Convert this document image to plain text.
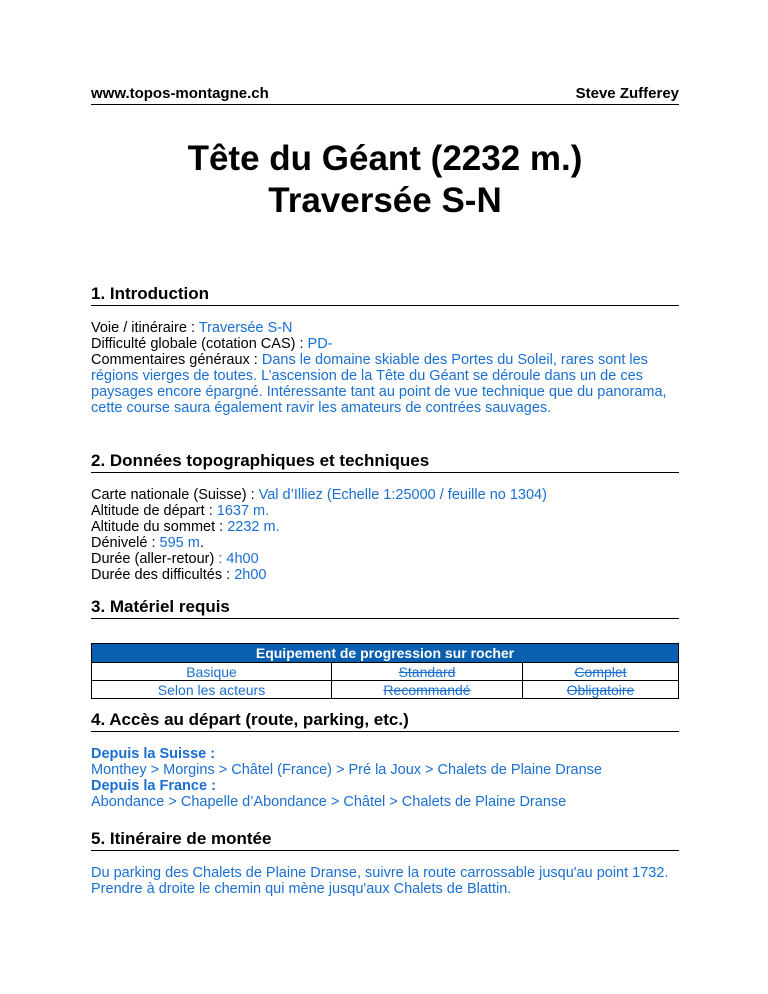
www.topos-montagne.ch	Steve Zufferey
Tête du Géant (2232 m.)
Traversée S-N
1. Introduction
Voie / itinéraire : Traversée S-N
Difficulté globale (cotation CAS) : PD-
Commentaires généraux : Dans le domaine skiable des Portes du Soleil, rares sont les régions vierges de toutes. L’ascension de la Tête du Géant se déroule dans un de ces paysages encore épargné. Intéressante tant au point de vue technique que du panorama, cette course saura également ravir les amateurs de contrées sauvages.
2. Données topographiques et techniques
Carte nationale (Suisse) : Val d’Illiez (Echelle 1:25000 / feuille no 1304)
Altitude de départ : 1637 m.
Altitude du sommet : 2232 m.
Dénivelé : 595 m.
Durée (aller-retour) : 4h00
Durée des difficultés : 2h00
3. Matériel requis
Equipement de progression sur rocher		
Basique	Standard	Complet
Selon les acteurs	Recommandé	Obligatoire
4. Accès au départ (route, parking, etc.)
Depuis la Suisse :
Monthey > Morgins > Châtel (France) > Pré la Joux > Chalets de Plaine Dranse
Depuis la France :
Abondance > Chapelle d’Abondance > Châtel > Chalets de Plaine Dranse
5. Itinéraire de montée
Du parking des Chalets de Plaine Dranse, suivre la route carrossable jusqu'au point 1732. Prendre à droite le chemin qui mène jusqu'aux Chalets de Blattin.
